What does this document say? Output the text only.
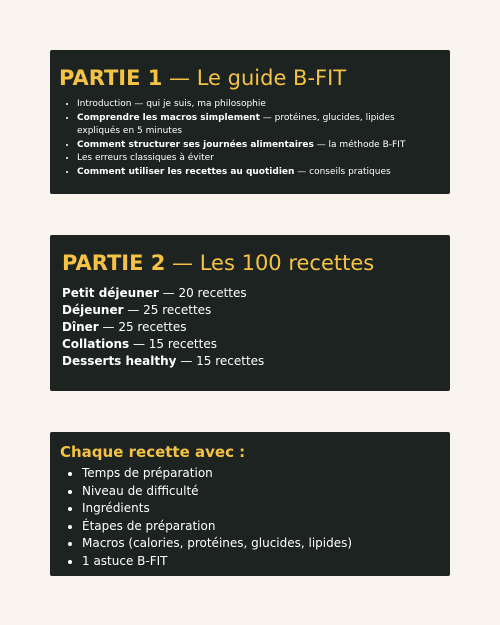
PARTIE 1 — Le guide B-FIT
• Introduction — qui je suis, ma philosophie
• Comprendre les macros simplement — protéines, glucides, lipides expliqués en 5 minutes
• Comment structurer ses journées alimentaires — la méthode B-FIT
• Les erreurs classiques à éviter
• Comment utiliser les recettes au quotidien — conseils pratiques
PARTIE 2 — Les 100 recettes
Petit déjeuner — 20 recettes
Déjeuner — 25 recettes
Dîner — 25 recettes
Collations — 15 recettes
Desserts healthy — 15 recettes
Chaque recette avec :
• Temps de préparation
• Niveau de difficulté
• Ingrédients
• Étapes de préparation
• Macros (calories, protéines, glucides, lipides)
• 1 astuce B-FIT
